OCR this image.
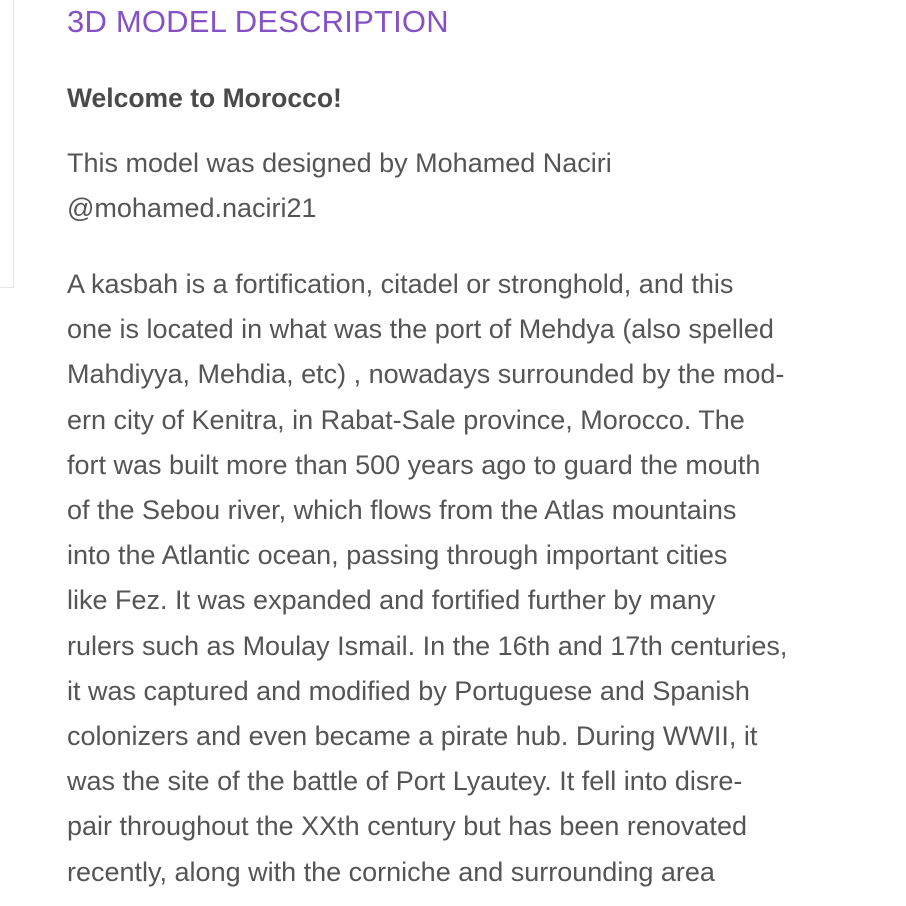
3D MODEL DESCRIPTION

Welcome to Morocco!

This model was designed by Mohamed Naciri
@mohamed.naciri21

A kasbah is a fortification, citadel or stronghold, and this
one is located in what was the port of Mehdya (also spelled
Mahdiyya, Mehdia, etc) , nowadays surrounded by the mod-
ern city of Kenitra, in Rabat-Sale province, Morocco. The
fort was built more than 500 years ago to guard the mouth
of the Sebou river, which flows from the Atlas mountains
into the Atlantic ocean, passing through important cities
like Fez. It was expanded and fortified further by many
rulers such as Moulay Ismail. In the 16th and 17th centuries,
it was captured and modified by Portuguese and Spanish
colonizers and even became a pirate hub. During WWII, it
was the site of the battle of Port Lyautey. It fell into disre-
pair throughout the XXth century but has been renovated
recently, along with the corniche and surrounding area
